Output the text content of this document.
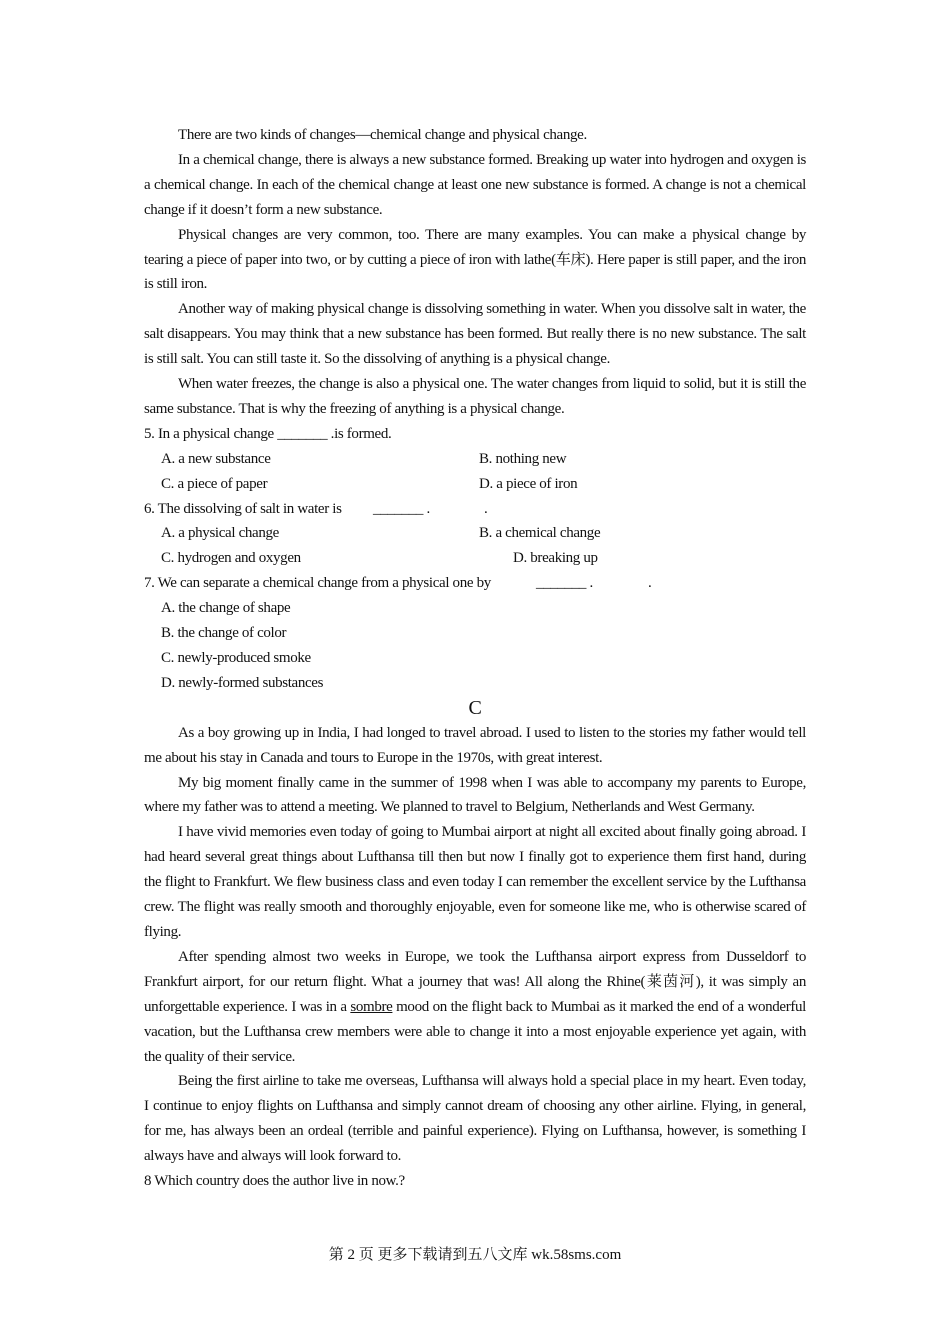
There are two kinds of changes—chemical change and physical change.

In a chemical change, there is always a new substance formed. Breaking up water into hydrogen and oxygen is a chemical change. In each of the chemical change at least one new substance is formed. A change is not a chemical change if it doesn’t form a new substance.

Physical changes are very common, too. There are many examples. You can make a physical change by tearing a piece of paper into two, or by cutting a piece of iron with lathe(车床). Here paper is still paper, and the iron is still iron.

Another way of making physical change is dissolving something in water. When you dissolve salt in water, the salt disappears. You may think that a new substance has been formed. But really there is no new substance. The salt is still salt. You can still taste it. So the dissolving of anything is a physical change.

When water freezes, the change is also a physical one. The water changes from liquid to solid, but it is still the same substance. That is why the freezing of anything is a physical change.

5. In a physical change _______ .is formed.

A. a new substance	B. nothing new
C. a piece of paper	D. a piece of iron
6. The dissolving of salt in water is _______ .	.
A. a physical change	B. a chemical change
C. hydrogen and oxygen	D. breaking up
7. We can separate a chemical change from a physical one by	_______ .	.

A. the change of shape

B. the change of color

C. newly-produced smoke

D. newly-formed substances

C

As a boy growing up in India, I had longed to travel abroad. I used to listen to the stories my father would tell me about his stay in Canada and tours to Europe in the 1970s, with great interest.

My big moment finally came in the summer of 1998 when I was able to accompany my parents to Europe, where my father was to attend a meeting. We planned to travel to Belgium, Netherlands and West Germany.

I have vivid memories even today of going to Mumbai airport at night all excited about finally going abroad. I had heard several great things about Lufthansa till then but now I finally got to experience them first hand, during the flight to Frankfurt. We flew business class and even today I can remember the excellent service by the Lufthansa crew. The flight was really smooth and thoroughly enjoyable, even for someone like me, who is otherwise scared of flying.

After spending almost two weeks in Europe, we took the Lufthansa airport express from Dusseldorf to Frankfurt airport, for our return flight. What a journey that was! All along the Rhine(莱茵河), it was simply an unforgettable experience. I was in a sombre mood on the flight back to Mumbai as it marked the end of a wonderful vacation, but the Lufthansa crew members were able to change it into a most enjoyable experience yet again, with the quality of their service.

Being the first airline to take me overseas, Lufthansa will always hold a special place in my heart. Even today, I continue to enjoy flights on Lufthansa and simply cannot dream of choosing any other airline. Flying, in general, for me, has always been an ordeal (terrible and painful experience). Flying on Lufthansa, however, is something I always have and always will look forward to.

8 Which country does the author live in now.?

第 2 页 更多下载请到五八文库 wk.58sms.com
